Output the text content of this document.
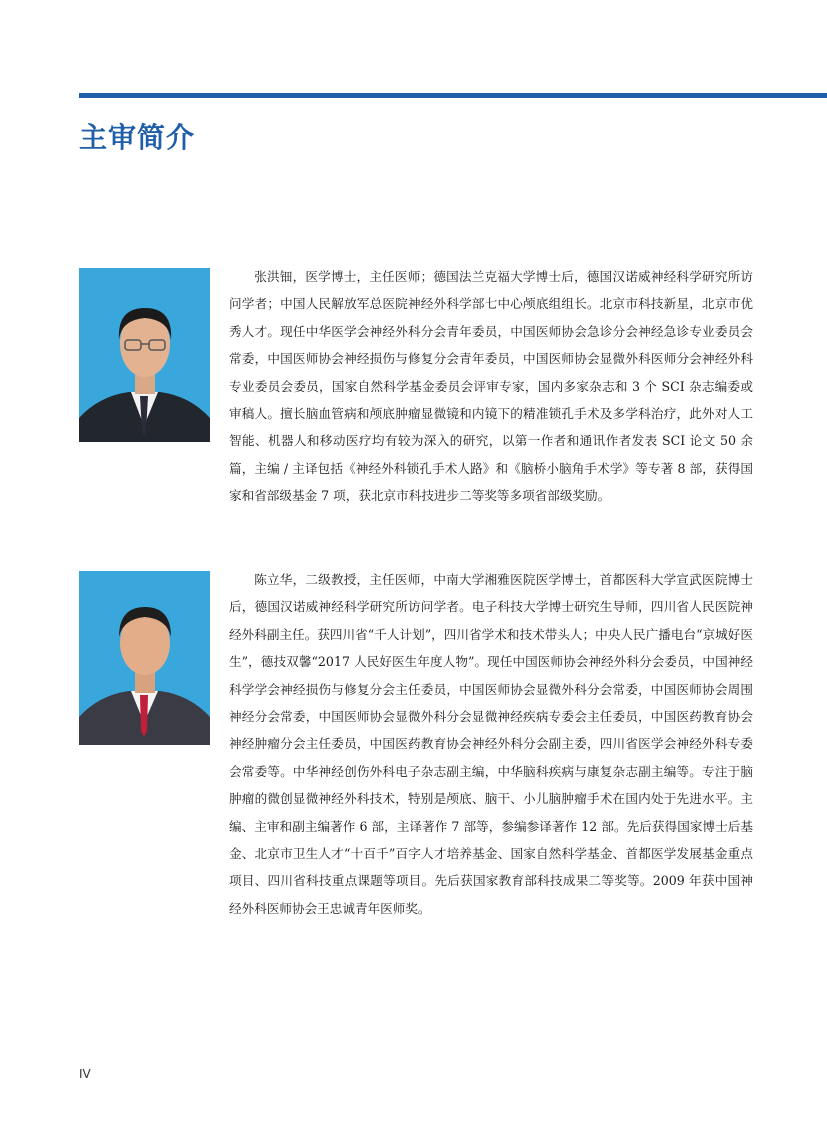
主审简介

张洪钿，医学博士，主任医师；德国法兰克福大学博士后，德国汉诺威神经科学研究所访问学者；中国人民解放军总医院神经外科学部七中心颅底组组长。北京市科技新星，北京市优秀人才。现任中华医学会神经外科分会青年委员，中国医师协会急诊分会神经急诊专业委员会常委，中国医师协会神经损伤与修复分会青年委员，中国医师协会显微外科医师分会神经外科专业委员会委员，国家自然科学基金委员会评审专家，国内多家杂志和 3 个 SCI 杂志编委或审稿人。擅长脑血管病和颅底肿瘤显微镜和内镜下的精准锁孔手术及多学科治疗，此外对人工智能、机器人和移动医疗均有较为深入的研究，以第一作者和通讯作者发表 SCI 论文 50 余篇，主编 / 主译包括《神经外科锁孔手术人路》和《脑桥小脑角手术学》等专著 8 部，获得国家和省部级基金 7 项，获北京市科技进步二等奖等多项省部级奖励。

陈立华，二级教授，主任医师，中南大学湘雅医院医学博士，首都医科大学宣武医院博士后，德国汉诺威神经科学研究所访问学者。电子科技大学博士研究生导师，四川省人民医院神经外科副主任。获四川省“千人计划”，四川省学术和技术带头人；中央人民广播电台“京城好医生”，德技双馨“2017 人民好医生年度人物”。现任中国医师协会神经外科分会委员，中国神经科学学会神经损伤与修复分会主任委员，中国医师协会显微外科分会常委，中国医师协会周围神经分会常委，中国医师协会显微外科分会显微神经疾病专委会主任委员，中国医药教育协会神经肿瘤分会主任委员，中国医药教育协会神经外科分会副主委，四川省医学会神经外科专委会常委等。中华神经创伤外科电子杂志副主编，中华脑科疾病与康复杂志副主编等。专注于脑肿瘤的微创显微神经外科技术，特别是颅底、脑干、小儿脑肿瘤手术在国内处于先进水平。主编、主审和副主编著作 6 部，主译著作 7 部等，参编参译著作 12 部。先后获得国家博士后基金、北京市卫生人才“十百千”百字人才培养基金、国家自然科学基金、首都医学发展基金重点项目、四川省科技重点课题等项目。先后获国家教育部科技成果二等奖等。2009 年获中国神经外科医师协会王忠诚青年医师奖。

IV
